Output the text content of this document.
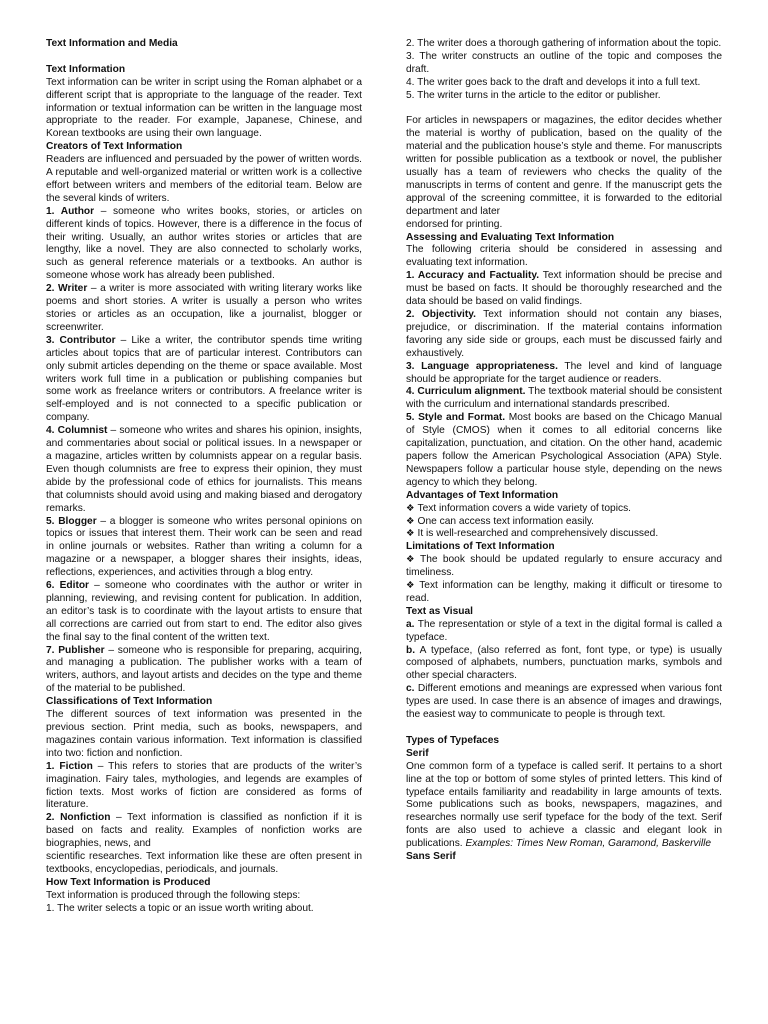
Text Information and Media

Text Information

Text information can be writer in script using the Roman alphabet or a different script that is appropriate to the language of the reader. Text information or textual information can be written in the language most appropriate to the reader. For example, Japanese, Chinese, and Korean textbooks are using their own language.

Creators of Text Information

Readers are influenced and persuaded by the power of written words. A reputable and well-organized material or written work is a collective effort between writers and members of the editorial team. Below are the several kinds of writers.

1. Author – someone who writes books, stories, or articles on different kinds of topics. However, there is a difference in the focus of their writing. Usually, an author writes stories or articles that are lengthy, like a novel. They are also connected to scholarly works, such as general reference materials or a textbooks. An author is someone whose work has already been published.

2. Writer – a writer is more associated with writing literary works like poems and short stories. A writer is usually a person who writes stories or articles as an occupation, like a journalist, blogger or screenwriter.

3. Contributor – Like a writer, the contributor spends time writing articles about topics that are of particular interest. Contributors can only submit articles depending on the theme or space available. Most writers work full time in a publication or publishing companies but some work as freelance writers or contributors. A freelance writer is self-employed and is not connected to a specific publication or company.

4. Columnist – someone who writes and shares his opinion, insights, and commentaries about social or political issues. In a newspaper or a magazine, articles written by columnists appear on a regular basis. Even though columnists are free to express their opinion, they must abide by the professional code of ethics for journalists. This means that columnists should avoid using and making biased and derogatory remarks.

5. Blogger – a blogger is someone who writes personal opinions on topics or issues that interest them. Their work can be seen and read in online journals or websites. Rather than writing a column for a magazine or a newspaper, a blogger shares their insights, ideas, reflections, experiences, and activities through a blog entry.

6. Editor – someone who coordinates with the author or writer in planning, reviewing, and revising content for publication. In addition, an editor’s task is to coordinate with the layout artists to ensure that all corrections are carried out from start to end. The editor also gives the final say to the final content of the written text.

7. Publisher – someone who is responsible for preparing, acquiring, and managing a publication. The publisher works with a team of writers, authors, and layout artists and decides on the type and theme of the material to be published.

Classifications of Text Information

The different sources of text information was presented in the previous section. Print media, such as books, newspapers, and magazines contain various information. Text information is classified into two: fiction and nonfiction.

1. Fiction – This refers to stories that are products of the writer’s imagination. Fairy tales, mythologies, and legends are examples of fiction texts. Most works of fiction are considered as forms of literature.

2. Nonfiction – Text information is classified as nonfiction if it is based on facts and reality. Examples of nonfiction works are biographies, news, and

scientific researches. Text information like these are often present in textbooks, encyclopedias, periodicals, and journals.

How Text Information is Produced

Text information is produced through the following steps:

1. The writer selects a topic or an issue worth writing about.

2. The writer does a thorough gathering of information about the topic.

3. The writer constructs an outline of the topic and composes the draft.

4. The writer goes back to the draft and develops it into a full text.

5. The writer turns in the article to the editor or publisher.

For articles in newspapers or magazines, the editor decides whether the material is worthy of publication, based on the quality of the material and the publication house’s style and theme. For manuscripts written for possible publication as a textbook or novel, the publisher usually has a team of reviewers who checks the quality of the manuscripts in terms of content and genre. If the manuscript gets the approval of the screening committee, it is forwarded to the editorial department and later

endorsed for printing.

Assessing and Evaluating Text Information

The following criteria should be considered in assessing and evaluating text information.

1. Accuracy and Factuality. Text information should be precise and must be based on facts. It should be thoroughly researched and the data should be based on valid findings.

2. Objectivity. Text information should not contain any biases, prejudice, or discrimination. If the material contains information favoring any side side or groups, each must be discussed fairly and exhaustively.

3. Language appropriateness. The level and kind of language should be appropriate for the target audience or readers.

4. Curriculum alignment. The textbook material should be consistent with the curriculum and international standards prescribed.

5. Style and Format. Most books are based on the Chicago Manual of Style (CMOS) when it comes to all editorial concerns like capitalization, punctuation, and citation. On the other hand, academic papers follow the American Psychological Association (APA) Style. Newspapers follow a particular house style, depending on the news agency to which they belong.

Advantages of Text Information

❖ Text information covers a wide variety of topics.

❖ One can access text information easily.

❖ It is well-researched and comprehensively discussed.

Limitations of Text Information

❖ The book should be updated regularly to ensure accuracy and timeliness.

❖ Text information can be lengthy, making it difficult or tiresome to read.

Text as Visual

a. The representation or style of a text in the digital formal is called a typeface.

b. A typeface, (also referred as font, font type, or type) is usually composed of alphabets, numbers, punctuation marks, symbols and other special characters.

c. Different emotions and meanings are expressed when various font types are used. In case there is an absence of images and drawings, the easiest way to communicate to people is through text.

Types of Typefaces

Serif

One common form of a typeface is called serif. It pertains to a short line at the top or bottom of some styles of printed letters. This kind of typeface entails familiarity and readability in large amounts of texts. Some publications such as books, newspapers, magazines, and researches normally use serif typeface for the body of the text. Serif fonts are also used to achieve a classic and elegant look in publications. Examples: Times New Roman, Garamond, Baskerville

Sans Serif
